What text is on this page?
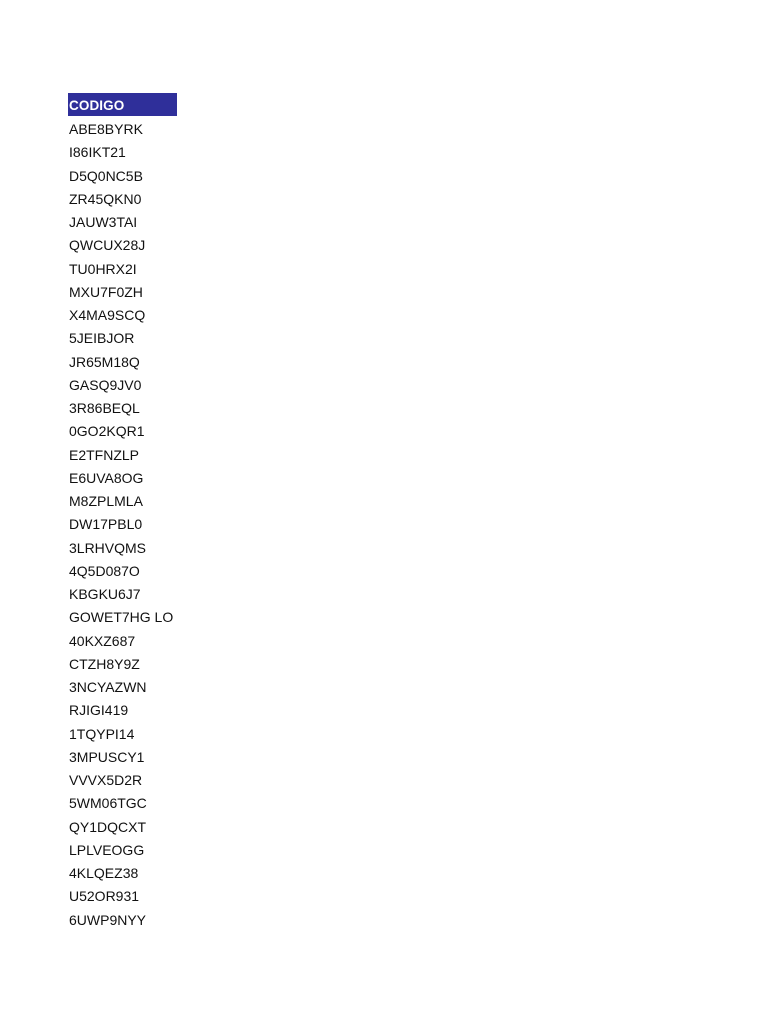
CODIGO
ABE8BYRK
I86IKT21
D5Q0NC5B
ZR45QKN0
JAUW3TAI
QWCUX28J
TU0HRX2I
MXU7F0ZH
X4MA9SCQ
5JEIBJOR
JR65M18Q
GASQ9JV0
3R86BEQL
0GO2KQR1
E2TFNZLP
E6UVA8OG
M8ZPLMLA
DW17PBL0
3LRHVQMS
4Q5D087O
KBGKU6J7
GOWET7HG LO
40KXZ687
CTZH8Y9Z
3NCYAZWN
RJIGI419
1TQYPI14
3MPUSCY1
VVVX5D2R
5WM06TGC
QY1DQCXT
LPLVEOGG
4KLQEZ38
U52OR931
6UWP9NYY
